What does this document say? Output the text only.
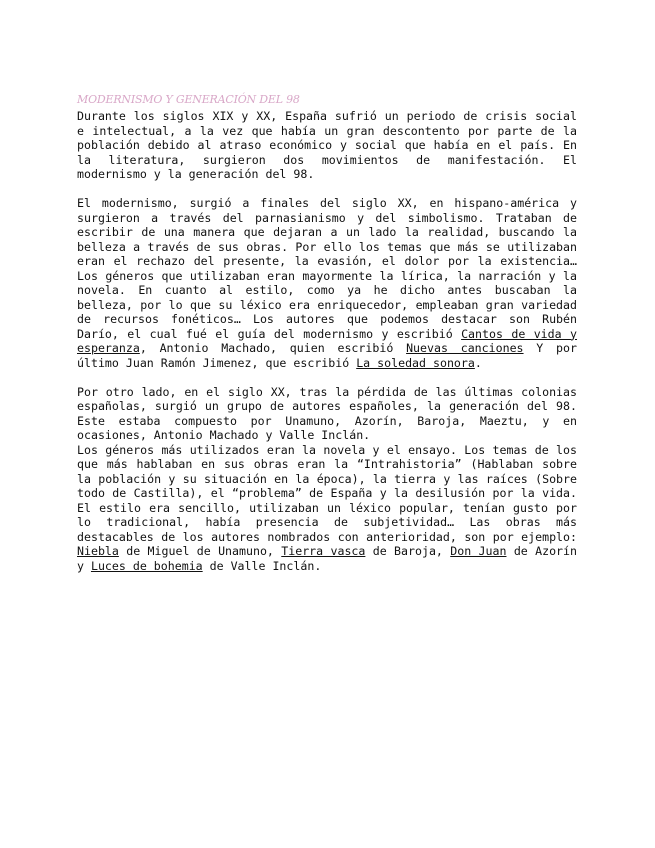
MODERNISMO Y GENERACIÓN DEL 98

Durante los siglos XIX y XX, España sufrió un periodo de crisis social e intelectual, a la vez que había un gran descontento por parte de la población debido al atraso económico y social que había en el país. En la literatura, surgieron dos movimientos de manifestación. El modernismo y la generación del 98.

El modernismo, surgió a finales del siglo XX, en hispano-américa y surgieron a través del parnasianismo y del simbolismo. Trataban de escribir de una manera que dejaran a un lado la realidad, buscando la belleza a través de sus obras. Por ello los temas que más se utilizaban eran el rechazo del presente, la evasión, el dolor por la existencia… Los géneros que utilizaban eran mayormente la lírica, la narración y la novela. En cuanto al estilo, como ya he dicho antes buscaban la belleza, por lo que su léxico era enriquecedor, empleaban gran variedad de recursos fonéticos… Los autores que podemos destacar son Rubén Darío, el cual fué el guía del modernismo y escribió Cantos de vida y esperanza, Antonio Machado, quien escribió Nuevas canciones Y por último Juan Ramón Jimenez, que escribió La soledad sonora.

Por otro lado, en el siglo XX, tras la pérdida de las últimas colonias españolas, surgió un grupo de autores españoles, la generación del 98. Este estaba compuesto por Unamuno, Azorín, Baroja, Maeztu, y en ocasiones, Antonio Machado y Valle Inclán.

Los géneros más utilizados eran la novela y el ensayo. Los temas de los que más hablaban en sus obras eran la “Intrahistoria” (Hablaban sobre la población y su situación en la época), la tierra y las raíces (Sobre todo de Castilla), el “problema” de España y la desilusión por la vida. El estilo era sencillo, utilizaban un léxico popular, tenían gusto por lo tradicional, había presencia de subjetividad… Las obras más destacables de los autores nombrados con anterioridad, son por ejemplo: Niebla de Miguel de Unamuno, Tierra vasca de Baroja, Don Juan de Azorín y Luces de bohemia de Valle Inclán.
